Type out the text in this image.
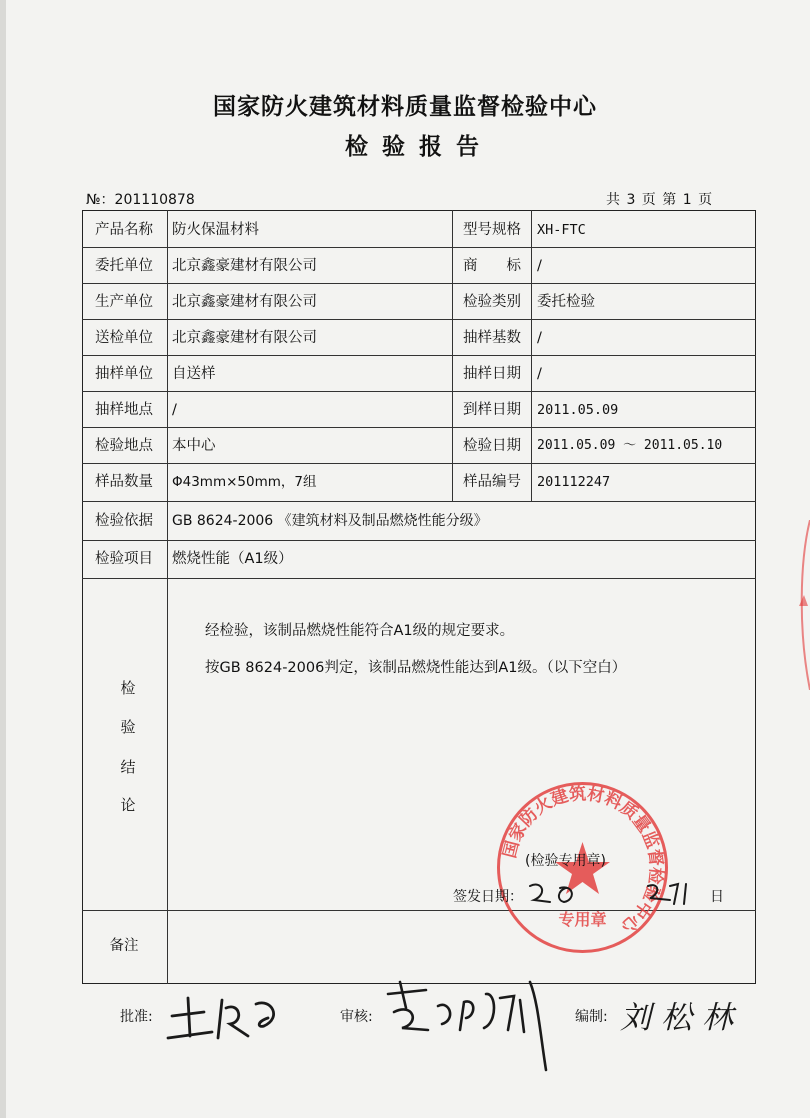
国家防火建筑材料质量监督检验中心
检验报告
№：201110878	共 3 页 第 1 页
产品名称	防火保温材料	型号规格	XH-FTC
委托单位	北京鑫豪建材有限公司	商　　标	/
生产单位	北京鑫豪建材有限公司	检验类别	委托检验
送检单位	北京鑫豪建材有限公司	抽样基数	/
抽样单位	自送样	抽样日期	/
抽样地点	/	到样日期	2011.05.09
检验地点	本中心	检验日期	2011.05.09 ～ 2011.05.10
样品数量	Φ43mm×50mm，7组	样品编号	201112247
检验依据	GB 8624-2006 《建筑材料及制品燃烧性能分级》
检验项目	燃烧性能（A1级）
检
验
结
论
经检验，该制品燃烧性能符合A1级的规定要求。
按GB 8624-2006判定，该制品燃烧性能达到A1级。（以下空白）
国家防火建筑材料质量监督检验中心
专用章
(检验专用章)
签发日期：	日
备注
批准:	审核:	编制: 刘松林
